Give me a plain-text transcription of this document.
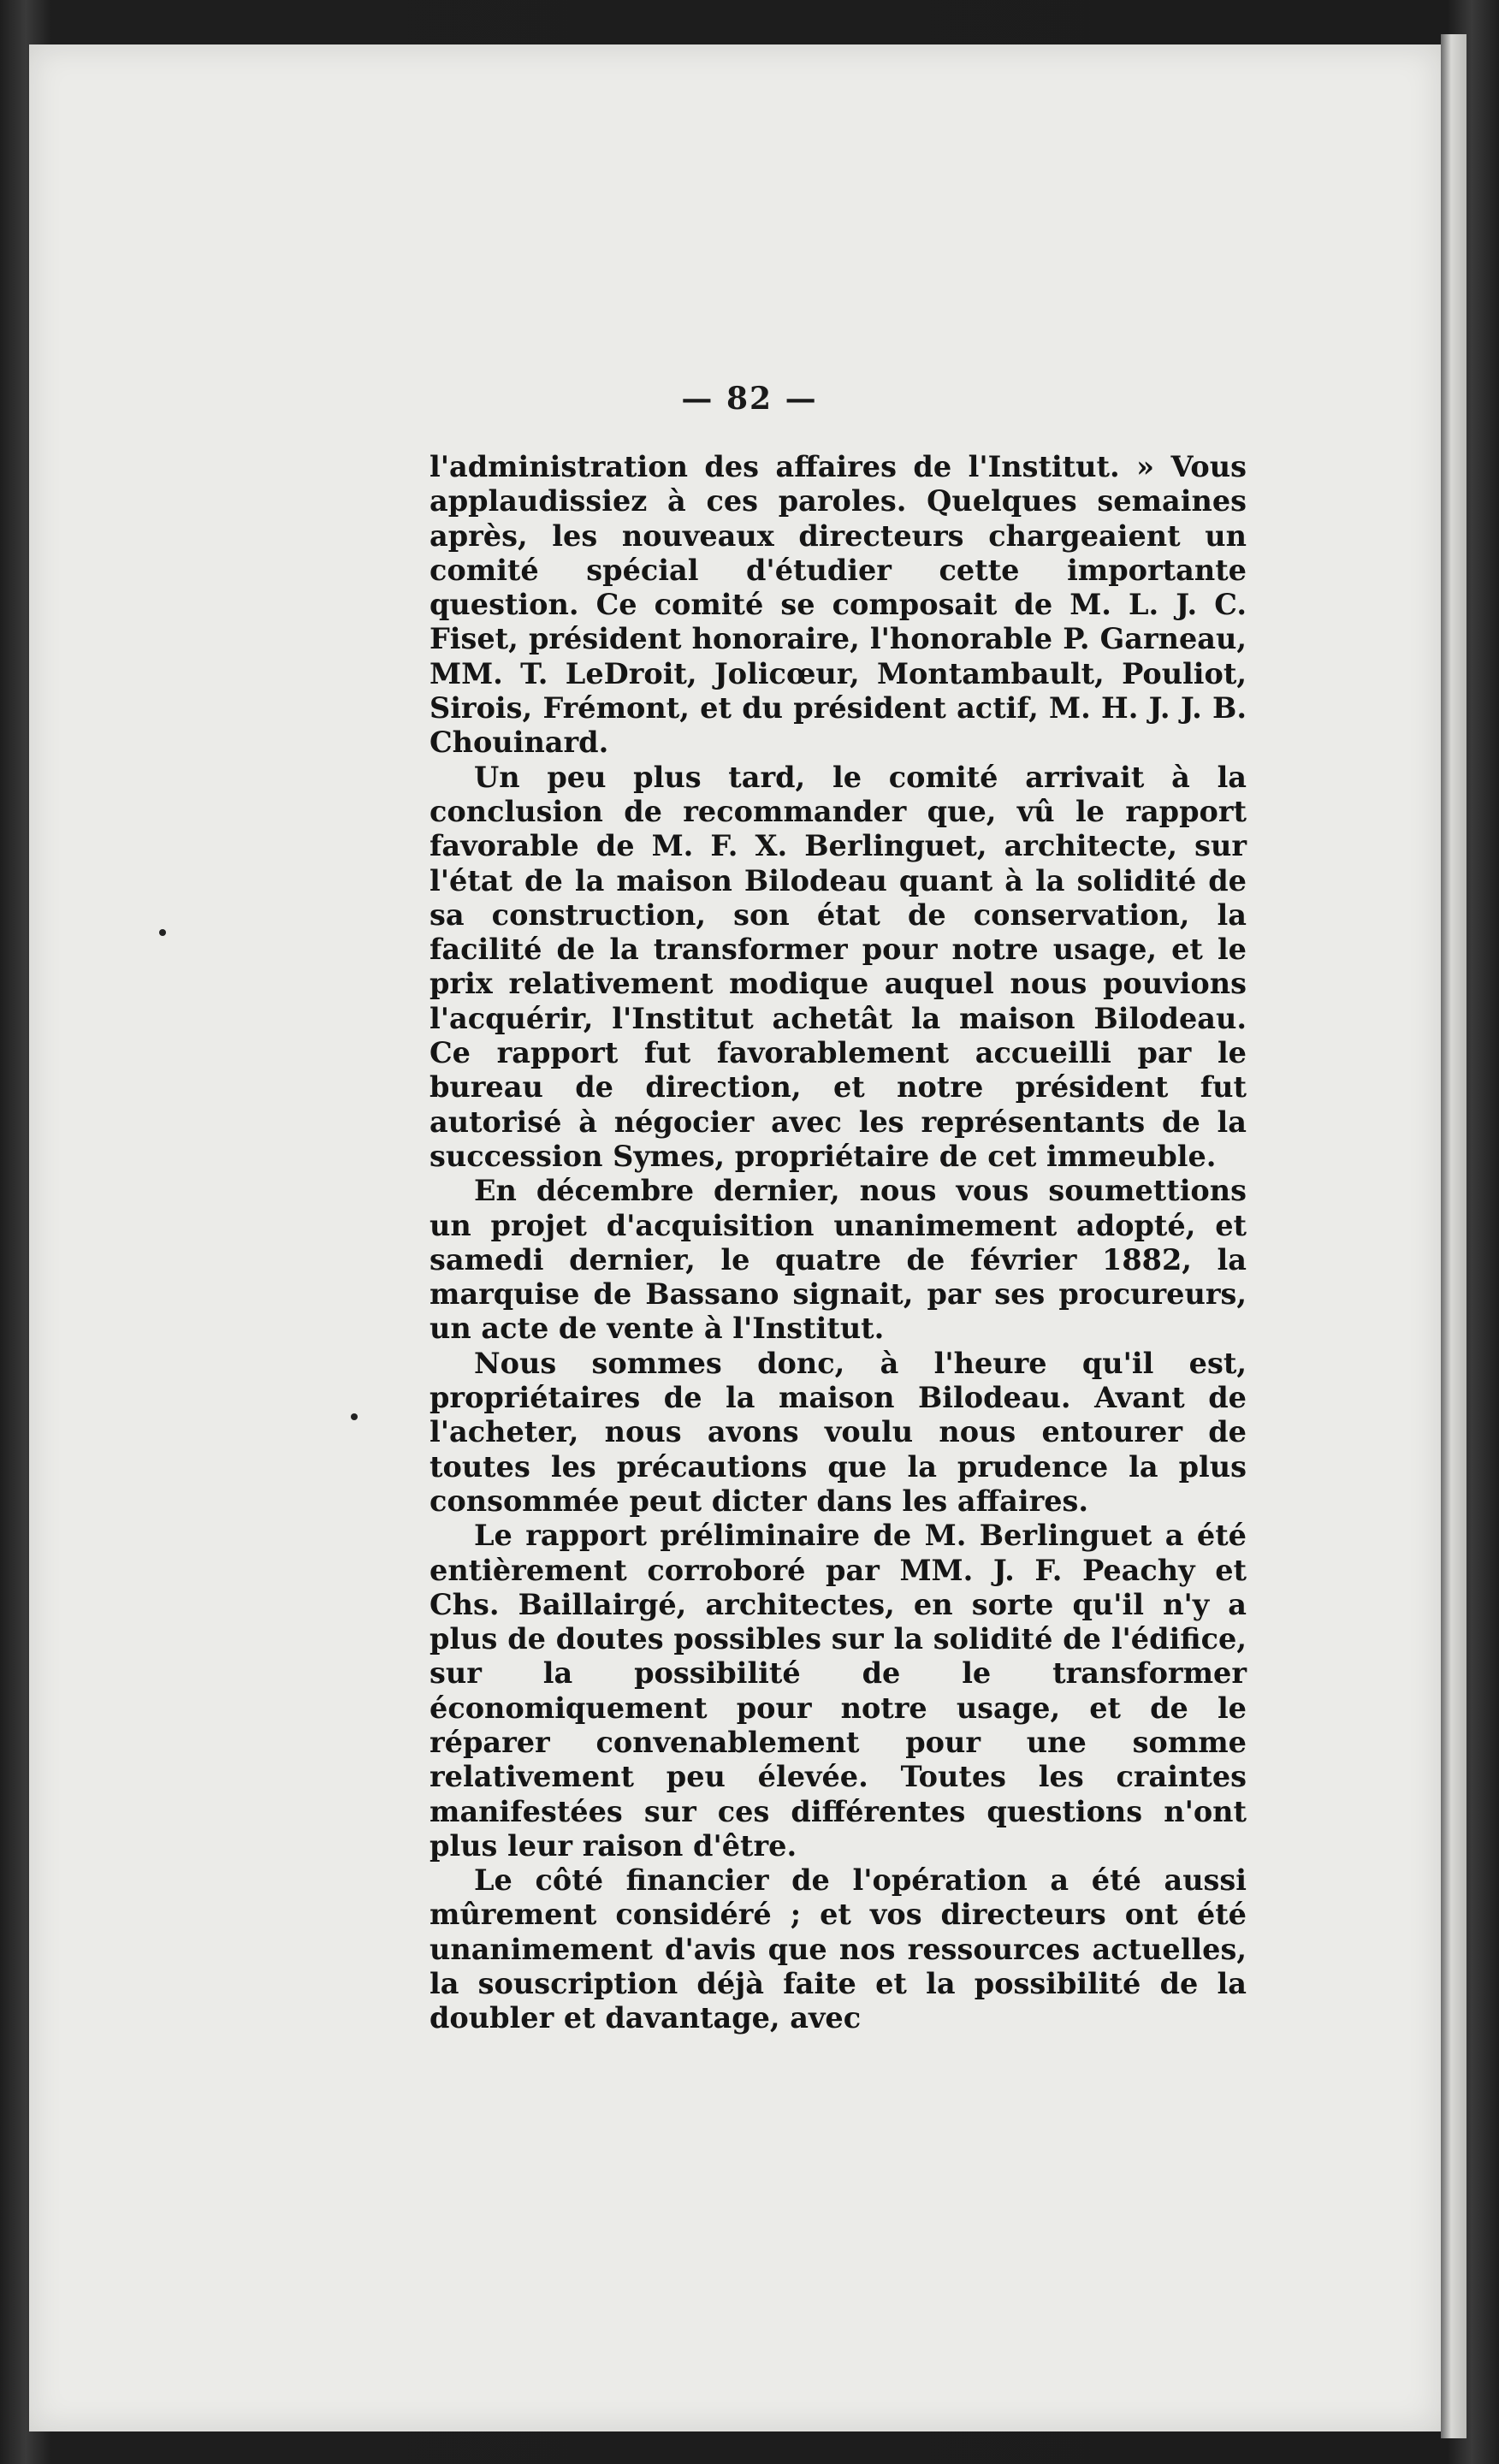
— 82 —

l'administration des affaires de l'Institut. » Vous applaudissiez à ces paroles. Quelques semaines après, les nouveaux directeurs chargeaient un comité spécial d'étudier cette importante question. Ce comité se composait de M. L. J. C. Fiset, président honoraire, l'honorable P. Garneau, MM. T. LeDroit, Jolicœur, Montambault, Pouliot, Sirois, Frémont, et du président actif, M. H. J. J. B. Chouinard.

Un peu plus tard, le comité arrivait à la conclusion de recommander que, vû le rapport favorable de M. F. X. Berlinguet, architecte, sur l'état de la maison Bilodeau quant à la solidité de sa construction, son état de conservation, la facilité de la transformer pour notre usage, et le prix relativement modique auquel nous pouvions l'acquérir, l'Institut achetât la maison Bilodeau. Ce rapport fut favorablement accueilli par le bureau de direction, et notre président fut autorisé à négocier avec les représentants de la succession Symes, propriétaire de cet immeuble.

En décembre dernier, nous vous soumettions un projet d'acquisition unanimement adopté, et samedi dernier, le quatre de février 1882, la marquise de Bassano signait, par ses procureurs, un acte de vente à l'Institut.

Nous sommes donc, à l'heure qu'il est, propriétaires de la maison Bilodeau. Avant de l'acheter, nous avons voulu nous entourer de toutes les précautions que la prudence la plus consommée peut dicter dans les affaires.

Le rapport préliminaire de M. Berlinguet a été entièrement corroboré par MM. J. F. Peachy et Chs. Baillairgé, architectes, en sorte qu'il n'y a plus de doutes possibles sur la solidité de l'édifice, sur la possibilité de le transformer économiquement pour notre usage, et de le réparer convenablement pour une somme relativement peu élevée. Toutes les craintes manifestées sur ces différentes questions n'ont plus leur raison d'être.

Le côté financier de l'opération a été aussi mûrement considéré ; et vos directeurs ont été unanimement d'avis que nos ressources actuelles, la souscription déjà faite et la possibilité de la doubler et davantage, avec
